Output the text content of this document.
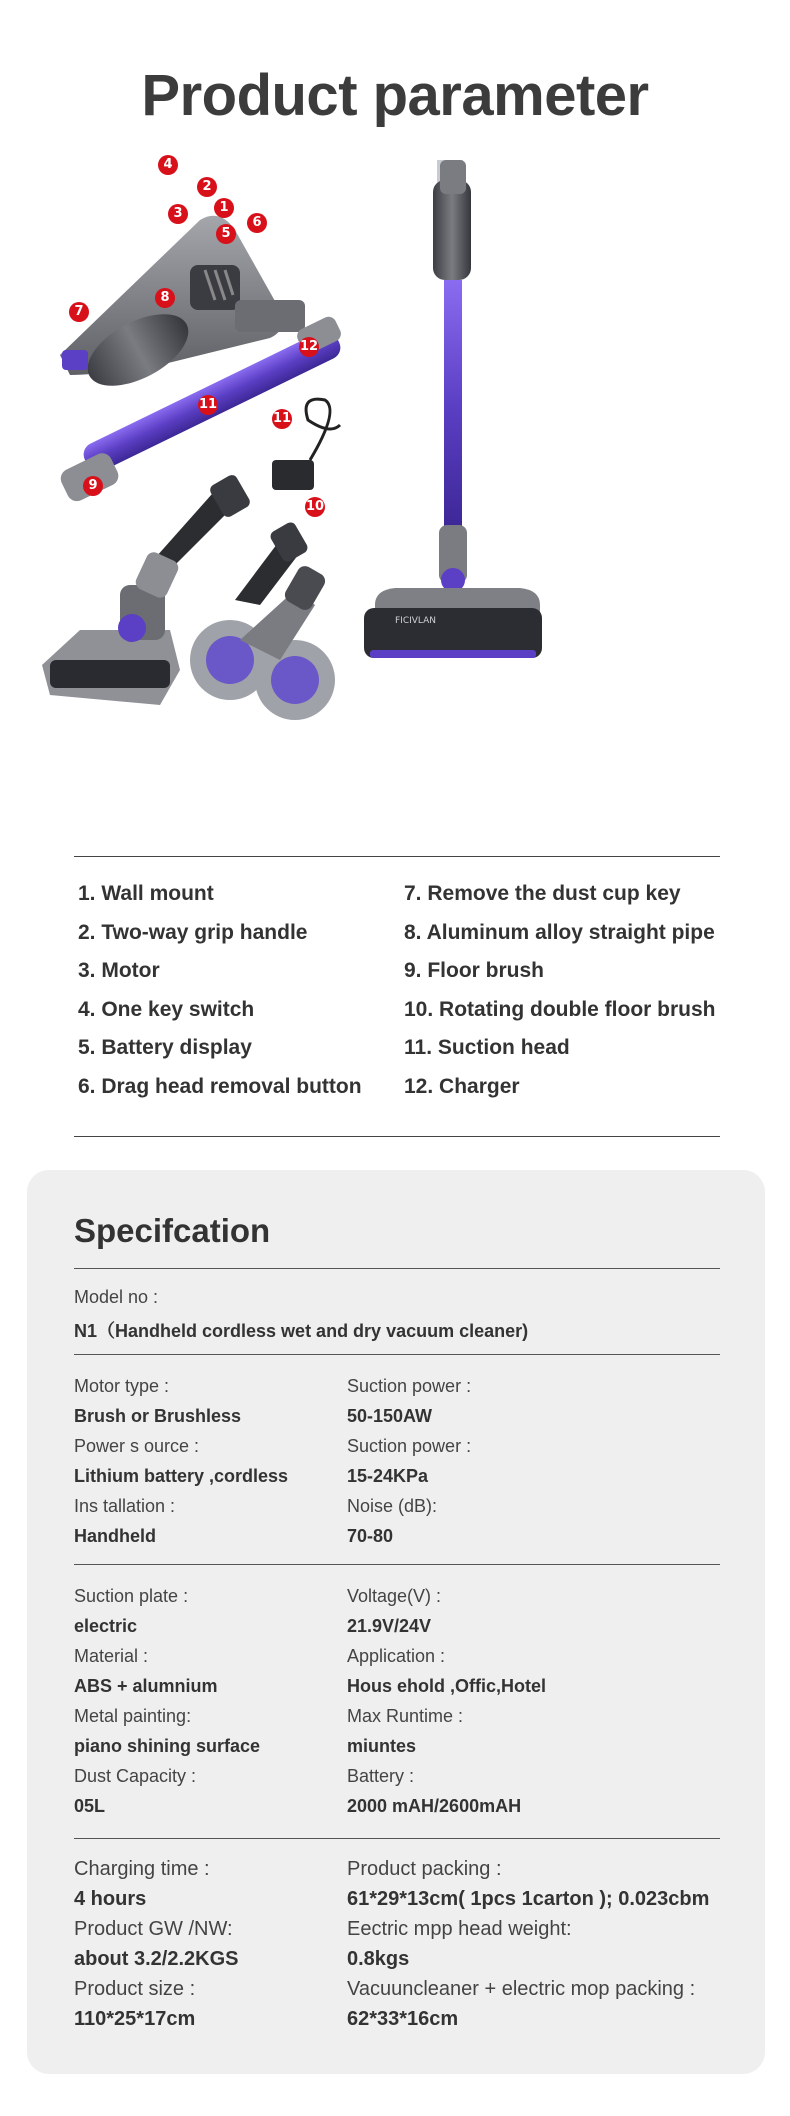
Product parameter
FICIVLAN
4
2
3	1
5
6
7
8
12
11
11
9
10
1. Wall mount
2. Two-way grip handle
3. Motor
4. One key switch
5. Battery display
6. Drag head removal button
7. Remove the dust cup key
8. Aluminum alloy straight pipe
9. Floor brush
10. Rotating double floor brush
11. Suction head
12. Charger
Specifcation
Model no :
N1（Handheld cordless wet and dry vacuum cleaner)
Motor type :
Brush or Brushless
Suction power :
50-150AW
Power s ource :
Lithium battery ,cordless
Suction power :
15-24KPa
Ins tallation :
Handheld
Noise (dB):
70-80
Suction plate :
electric
Voltage(V) :
21.9V/24V
Material :
ABS + alumnium
Application :
Hous ehold ,Offic,Hotel
Metal painting:
piano shining surface
Max Runtime :
miuntes
Dust Capacity :
05L
Battery :
2000 mAH/2600mAH
Charging time :
4 hours
Product packing :
61*29*13cm( 1pcs 1carton ); 0.023cbm
Product GW /NW:
about 3.2/2.2KGS
Eectric mpp head weight:
0.8kgs
Product size :
110*25*17cm
Vacuuncleaner + electric mop packing :
62*33*16cm
